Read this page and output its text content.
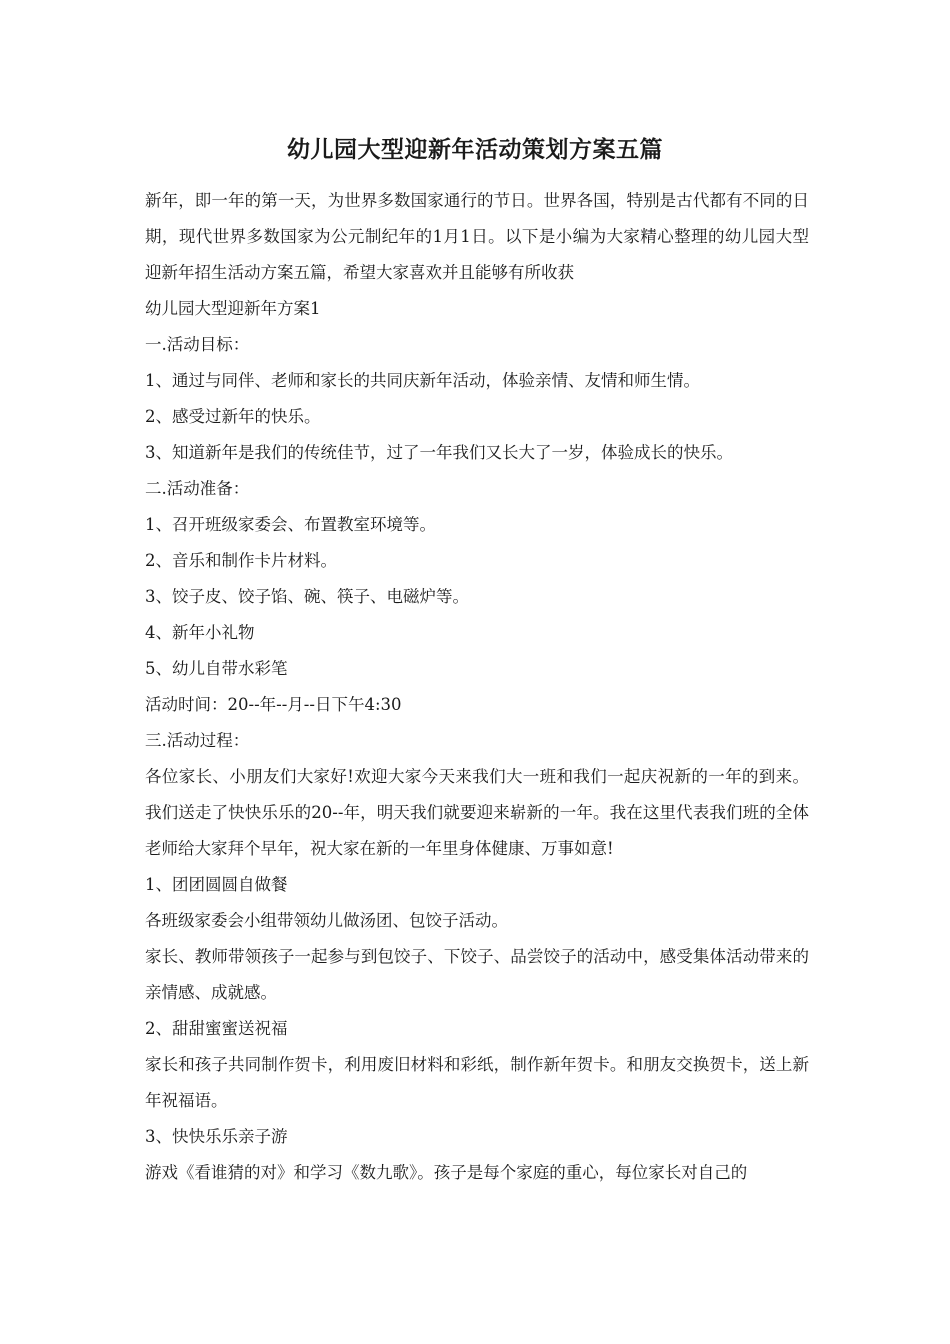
幼儿园大型迎新年活动策划方案五篇

新年，即一年的第一天，为世界多数国家通行的节日。世界各国，特别是古代都有不同的日期，现代世界多数国家为公元制纪年的1月1日。以下是小编为大家精心整理的幼儿园大型迎新年招生活动方案五篇，希望大家喜欢并且能够有所收获

幼儿园大型迎新年方案1

一.活动目标：

1、通过与同伴、老师和家长的共同庆新年活动，体验亲情、友情和师生情。

2、感受过新年的快乐。

3、知道新年是我们的传统佳节，过了一年我们又长大了一岁，体验成长的快乐。

二.活动准备：

1、召开班级家委会、布置教室环境等。

2、音乐和制作卡片材料。

3、饺子皮、饺子馅、碗、筷子、电磁炉等。

4、新年小礼物

5、幼儿自带水彩笔

活动时间：20--年--月--日下午4:30

三.活动过程：

各位家长、小朋友们大家好!欢迎大家今天来我们大一班和我们一起庆祝新的一年的到来。我们送走了快快乐乐的20--年，明天我们就要迎来崭新的一年。我在这里代表我们班的全体老师给大家拜个早年，祝大家在新的一年里身体健康、万事如意!

1、团团圆圆自做餐

各班级家委会小组带领幼儿做汤团、包饺子活动。

家长、教师带领孩子一起参与到包饺子、下饺子、品尝饺子的活动中，感受集体活动带来的亲情感、成就感。

2、甜甜蜜蜜送祝福

家长和孩子共同制作贺卡，利用废旧材料和彩纸，制作新年贺卡。和朋友交换贺卡，送上新年祝福语。

3、快快乐乐亲子游

游戏《看谁猜的对》和学习《数九歌》。孩子是每个家庭的重心，每位家长对自己的
